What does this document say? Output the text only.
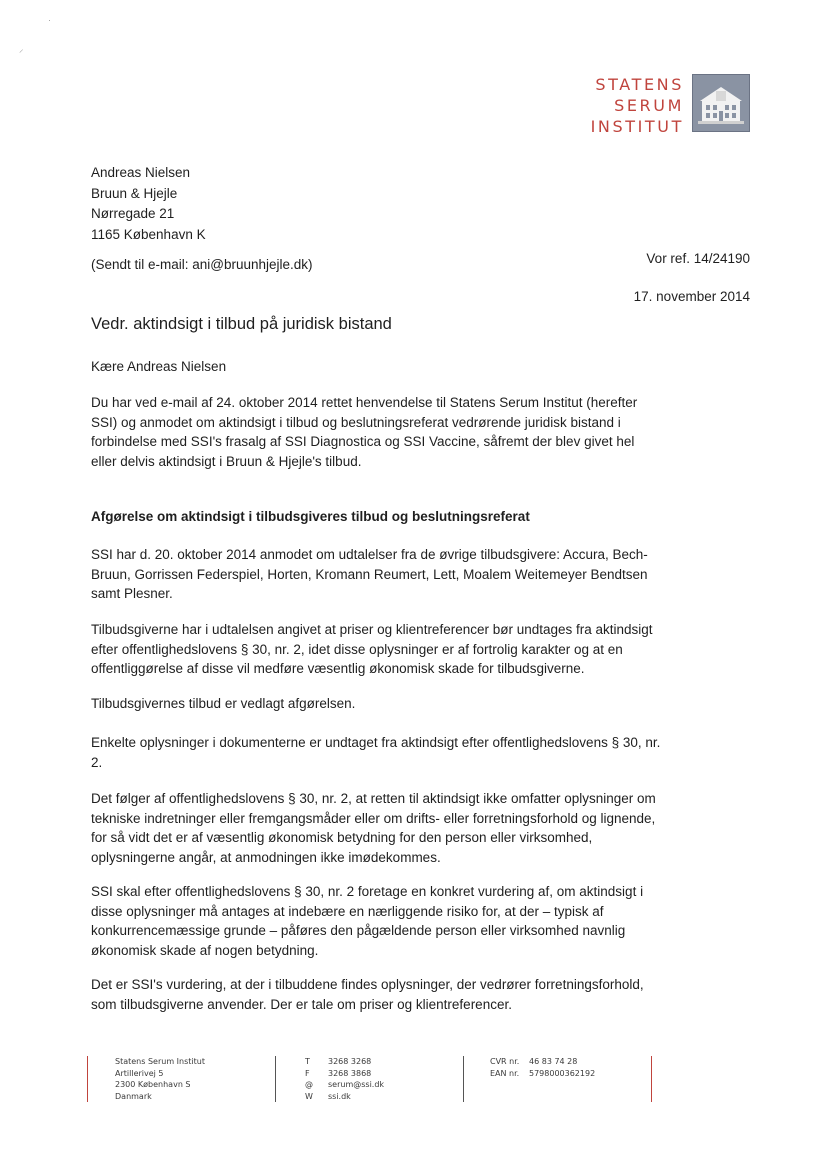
·
⸝
STATENS
SERUM
INSTITUT
Andreas Nielsen
Bruun & Hjejle
Nørregade 21
1165 København K
(Sendt til e-mail: ani@bruunhjejle.dk)	Vor ref. 14/24190
17. november 2014
Vedr. aktindsigt i tilbud på juridisk bistand
Kære Andreas Nielsen
Du har ved e-mail af 24. oktober 2014 rettet henvendelse til Statens Serum Institut (herefter SSI) og anmodet om aktindsigt i tilbud og beslutningsreferat vedrørende juridisk bistand i forbindelse med SSI's frasalg af SSI Diagnostica og SSI Vaccine, såfremt der blev givet hel eller delvis aktindsigt i Bruun & Hjejle's tilbud.
Afgørelse om aktindsigt i tilbudsgiveres tilbud og beslutningsreferat
SSI har d. 20. oktober 2014 anmodet om udtalelser fra de øvrige tilbudsgivere: Accura, Bech-Bruun, Gorrissen Federspiel, Horten, Kromann Reumert, Lett, Moalem Weitemeyer Bendtsen samt Plesner.
Tilbudsgiverne har i udtalelsen angivet at priser og klientreferencer bør undtages fra aktindsigt efter offentlighedslovens § 30, nr. 2, idet disse oplysninger er af fortrolig karakter og at en offentliggørelse af disse vil medføre væsentlig økonomisk skade for tilbudsgiverne.
Tilbudsgivernes tilbud er vedlagt afgørelsen.
Enkelte oplysninger i dokumenterne er undtaget fra aktindsigt efter offentlighedslovens § 30, nr. 2.
Det følger af offentlighedslovens § 30, nr. 2, at retten til aktindsigt ikke omfatter oplysninger om tekniske indretninger eller fremgangsmåder eller om drifts- eller forretningsforhold og lignende, for så vidt det er af væsentlig økonomisk betydning for den person eller virksomhed, oplysningerne angår, at anmodningen ikke imødekommes.
SSI skal efter offentlighedslovens § 30, nr. 2 foretage en konkret vurdering af, om aktindsigt i disse oplysninger må antages at indebære en nærliggende risiko for, at der – typisk af konkurrencemæssige grunde – påføres den pågældende person eller virksomhed navnlig økonomisk skade af nogen betydning.
Det er SSI's vurdering, at der i tilbuddene findes oplysninger, der vedrører forretningsforhold, som tilbudsgiverne anvender. Der er tale om priser og klientreferencer.
Statens Serum Institut
Artillerivej 5
2300 København S
Danmark
T	3268 3268
F	3268 3868
@	serum@ssi.dk
W	ssi.dk
CVR nr.	46 83 74 28
EAN nr.	5798000362192
